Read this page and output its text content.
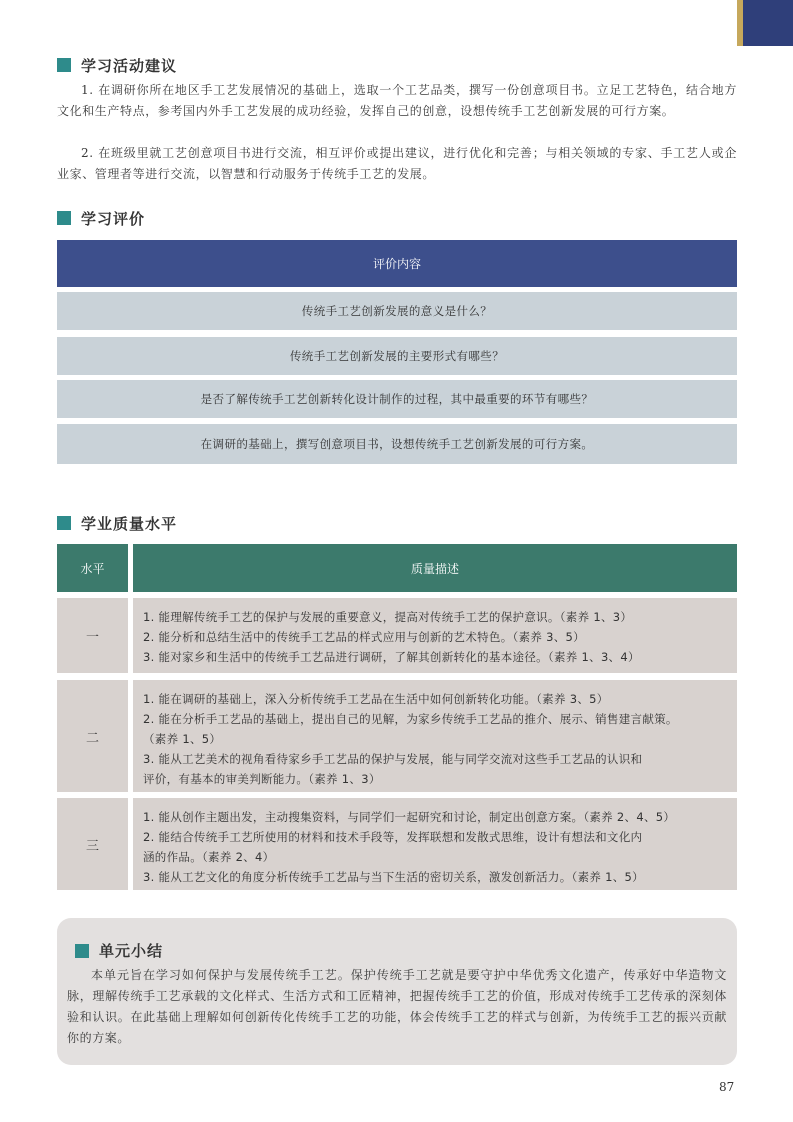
学习活动建议

1. 在调研你所在地区手工艺发展情况的基础上，选取一个工艺品类，撰写一份创意项目书。立足工艺特色，结合地方文化和生产特点，参考国内外手工艺发展的成功经验，发挥自己的创意，设想传统手工艺创新发展的可行方案。

2. 在班级里就工艺创意项目书进行交流，相互评价或提出建议，进行优化和完善；与相关领域的专家、手工艺人或企业家、管理者等进行交流，以智慧和行动服务于传统手工艺的发展。

学习评价
评价内容
传统手工艺创新发展的意义是什么？
传统手工艺创新发展的主要形式有哪些？
是否了解传统手工艺创新转化设计制作的过程，其中最重要的环节有哪些？
在调研的基础上，撰写创意项目书，设想传统手工艺创新发展的可行方案。
学业质量水平
水平	质量描述
一
1. 能理解传统手工艺的保护与发展的重要意义，提高对传统手工艺的保护意识。（素养 1、3）
2. 能分析和总结生活中的传统手工艺品的样式应用与创新的艺术特色。（素养 3、5）
3. 能对家乡和生活中的传统手工艺品进行调研，了解其创新转化的基本途径。（素养 1、3、4）
二
1. 能在调研的基础上，深入分析传统手工艺品在生活中如何创新转化功能。（素养 3、5）
2. 能在分析手工艺品的基础上，提出自己的见解，为家乡传统手工艺品的推介、展示、销售建言献策。
（素养 1、5）
3. 能从工艺美术的视角看待家乡手工艺品的保护与发展，能与同学交流对这些手工艺品的认识和
评价，有基本的审美判断能力。（素养 1、3）
三
1. 能从创作主题出发，主动搜集资料，与同学们一起研究和讨论，制定出创意方案。（素养 2、4、5）
2. 能结合传统手工艺所使用的材料和技术手段等，发挥联想和发散式思维，设计有想法和文化内
涵的作品。（素养 2、4）
3. 能从工艺文化的角度分析传统手工艺品与当下生活的密切关系，激发创新活力。（素养 1、5）
单元小结

本单元旨在学习如何保护与发展传统手工艺。保护传统手工艺就是要守护中华优秀文化遗产，传承好中华造物文脉，理解传统手工艺承载的文化样式、生活方式和工匠精神，把握传统手工艺的价值，形成对传统手工艺传承的深刻体验和认识。在此基础上理解如何创新传化传统手工艺的功能，体会传统手工艺的样式与创新，为传统手工艺的振兴贡献你的方案。

87
